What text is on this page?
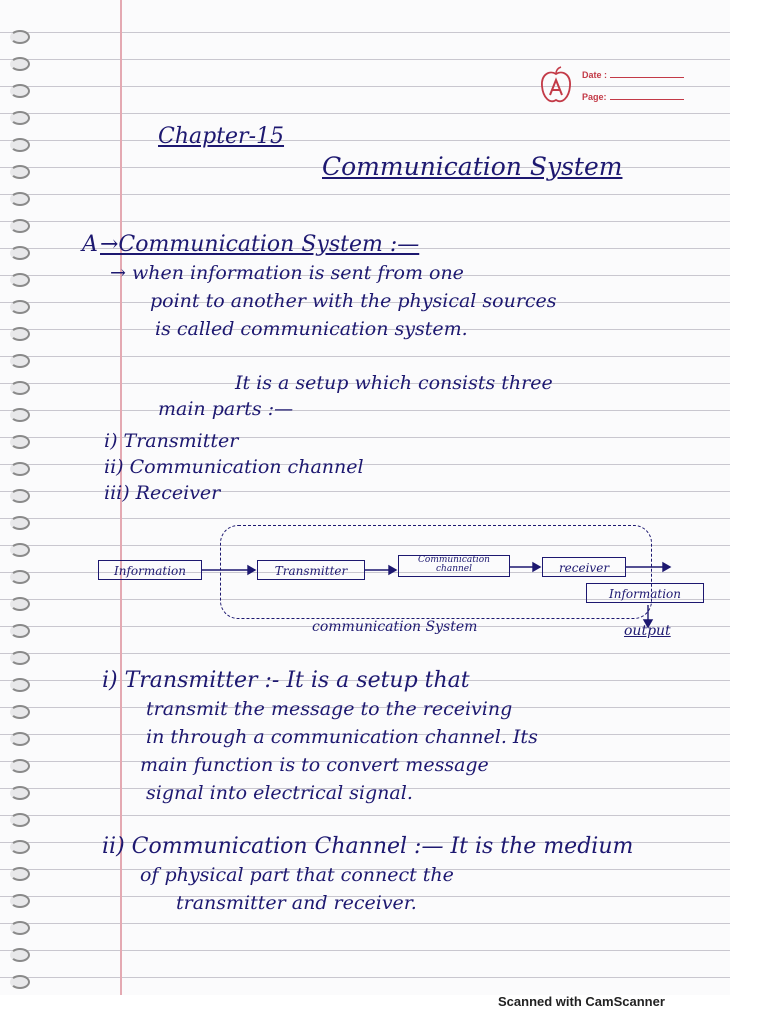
Date :
Page:
Chapter-15
Communication System
A →Communication System :—
→ when information is sent from one
point to another with the physical sources
is called communication system.
It is a setup which consists three
main parts :—
i) Transmitter
ii) Communication channel
iii) Receiver
Information	Transmitter
Communication
channel	receiver
Information
communication System	output
i) Transmitter :- It is a setup that
transmit the message to the receiving
in through a communication channel. Its
main function is to convert message
signal into electrical signal.
ii) Communication Channel :— It is the medium
of physical part that connect the
transmitter and receiver.
Scanned with CamScanner
